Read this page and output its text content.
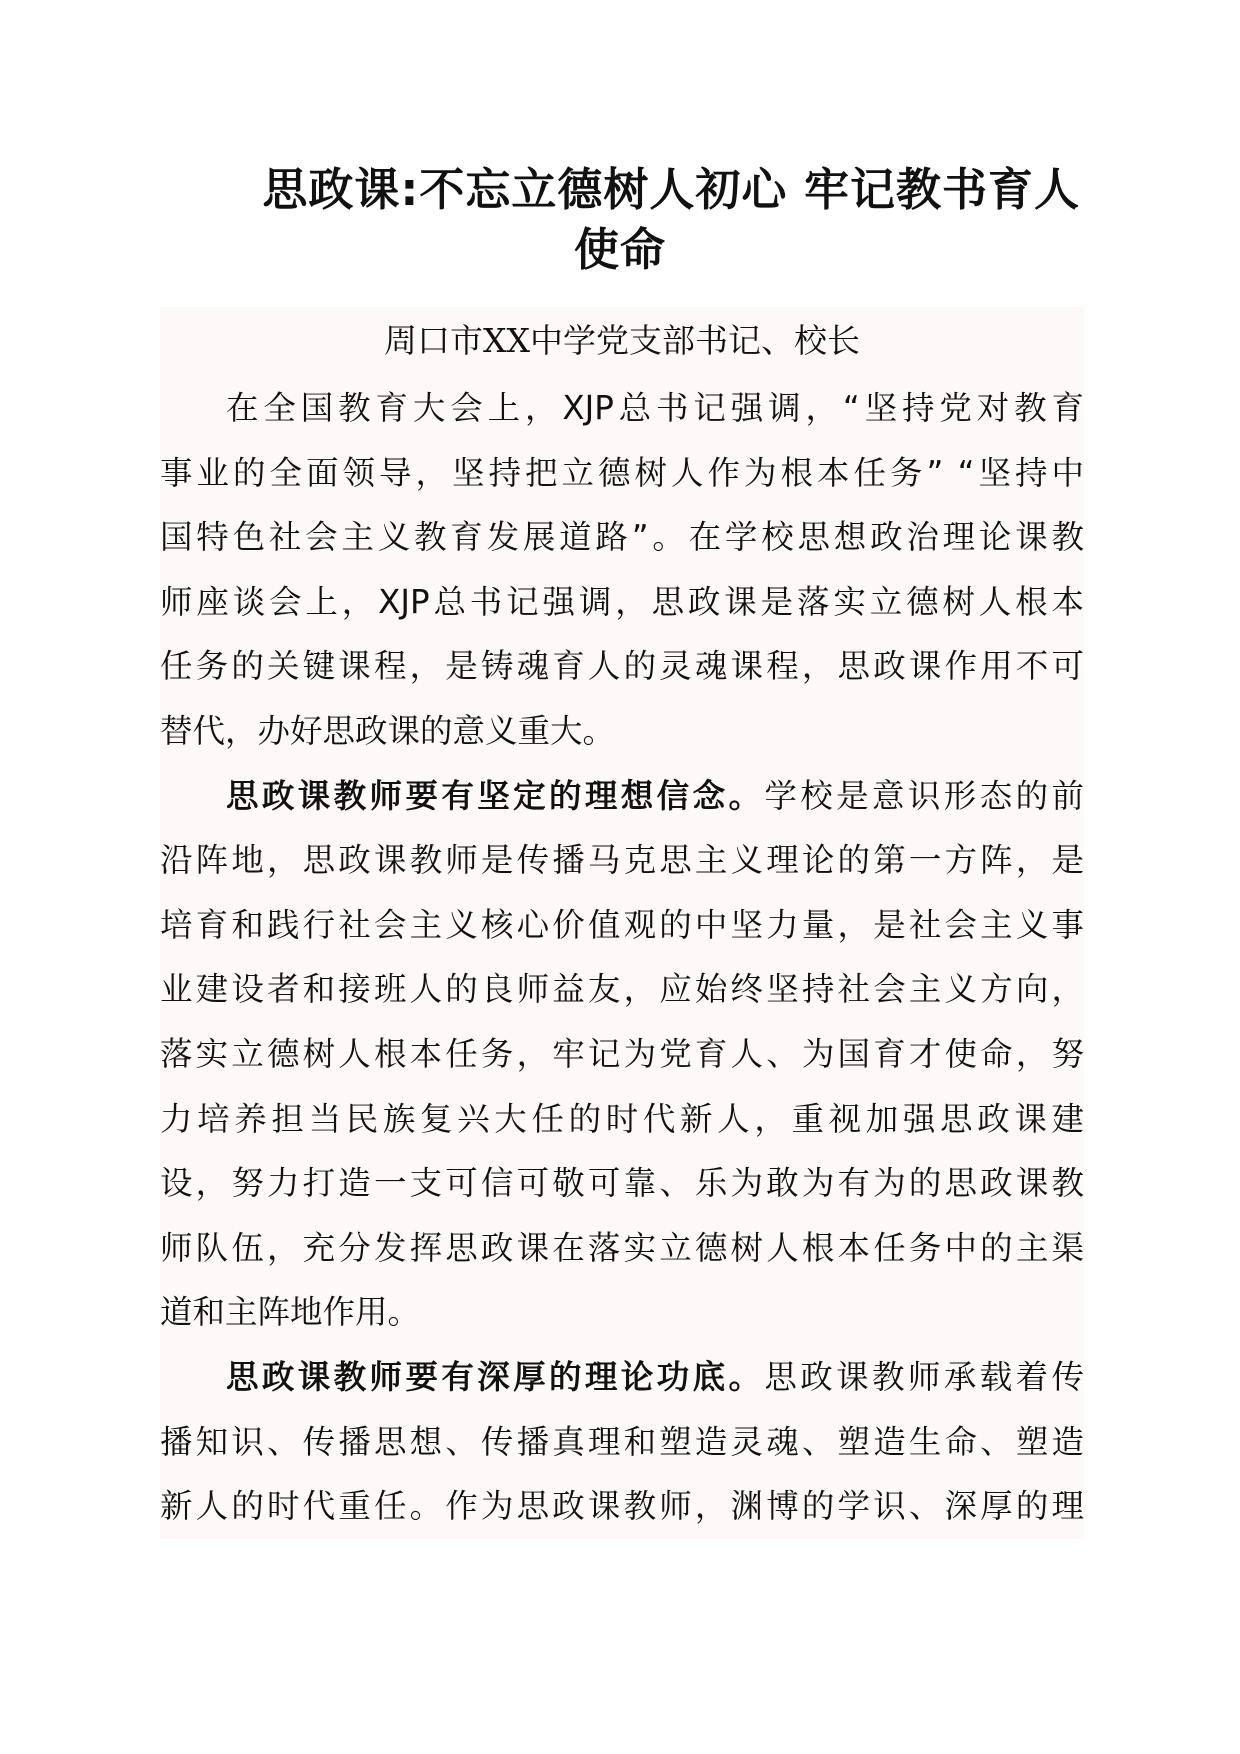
思政课:不忘立德树人初心 牢记教书育人
使命

周口市XX中学党支部书记、校长

在全国教育大会上，XJP总书记强调，“坚持党对教育
事业的全面领导，坚持把立德树人作为根本任务” “坚持中
国特色社会主义教育发展道路”。在学校思想政治理论课教
师座谈会上，XJP总书记强调，思政课是落实立德树人根本
任务的关键课程，是铸魂育人的灵魂课程，思政课作用不可
替代，办好思政课的意义重大。

思政课教师要有坚定的理想信念。学校是意识形态的前
沿阵地，思政课教师是传播马克思主义理论的第一方阵，是
培育和践行社会主义核心价值观的中坚力量，是社会主义事
业建设者和接班人的良师益友，应始终坚持社会主义方向，
落实立德树人根本任务，牢记为党育人、为国育才使命，努
力培养担当民族复兴大任的时代新人，重视加强思政课建
设，努力打造一支可信可敬可靠、乐为敢为有为的思政课教
师队伍，充分发挥思政课在落实立德树人根本任务中的主渠
道和主阵地作用。

思政课教师要有深厚的理论功底。思政课教师承载着传
播知识、传播思想、传播真理和塑造灵魂、塑造生命、塑造
新人的时代重任。作为思政课教师，渊博的学识、深厚的理
